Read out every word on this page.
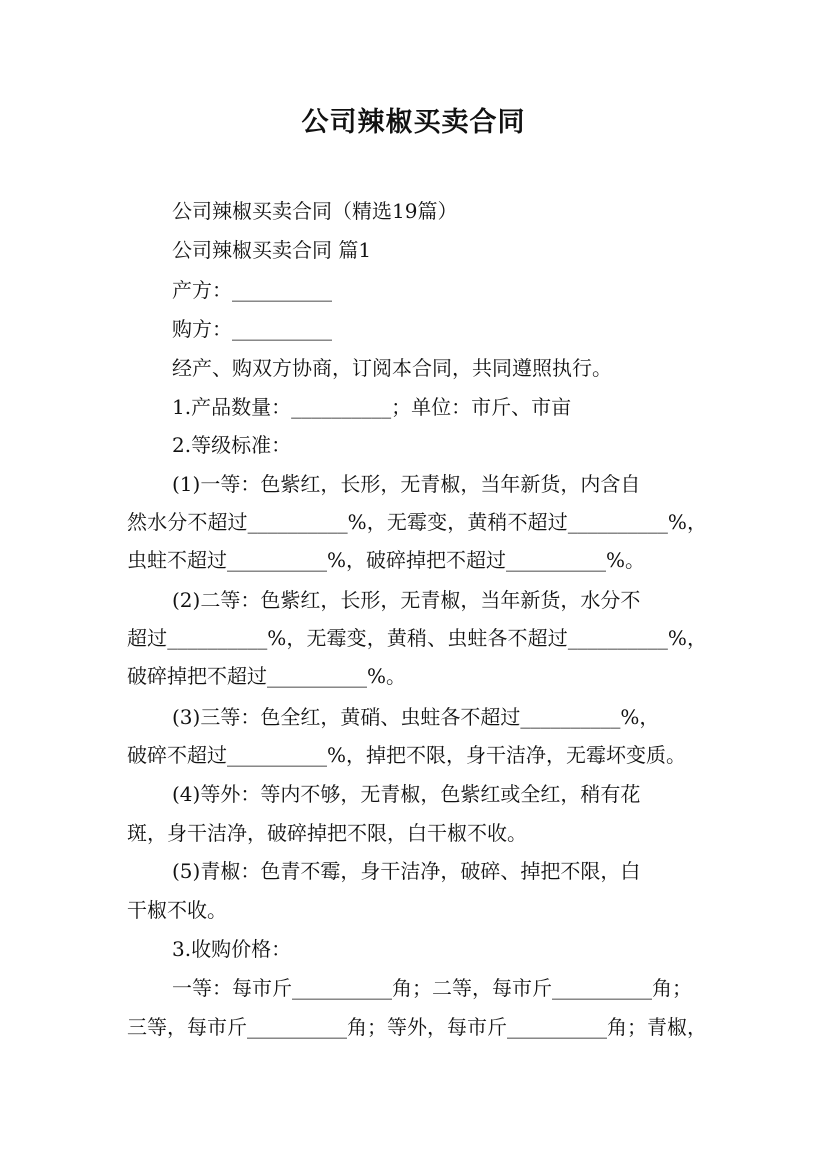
公司辣椒买卖合同

公司辣椒买卖合同（精选19篇）

公司辣椒买卖合同 篇1

产方：__________

购方：__________

经产、购双方协商，订阅本合同，共同遵照执行。

1.产品数量：__________；单位：市斤、市亩

2.等级标准：

(1)一等：色紫红，长形，无青椒，当年新货，内含自

然水分不超过__________%，无霉变，黄稍不超过__________%，

虫蛀不超过__________%，破碎掉把不超过__________%。

(2)二等：色紫红，长形，无青椒，当年新货，水分不

超过__________%，无霉变，黄稍、虫蛀各不超过__________%，

破碎掉把不超过__________%。

(3)三等：色全红，黄硝、虫蛀各不超过__________%，

破碎不超过__________%，掉把不限，身干洁净，无霉坏变质。

(4)等外：等内不够，无青椒，色紫红或全红，稍有花

斑，身干洁净，破碎掉把不限，白干椒不收。

(5)青椒：色青不霉，身干洁净，破碎、掉把不限，白

干椒不收。

3.收购价格：

一等：每市斤__________角；二等，每市斤__________角；

三等，每市斤__________角；等外，每市斤__________角；青椒，
